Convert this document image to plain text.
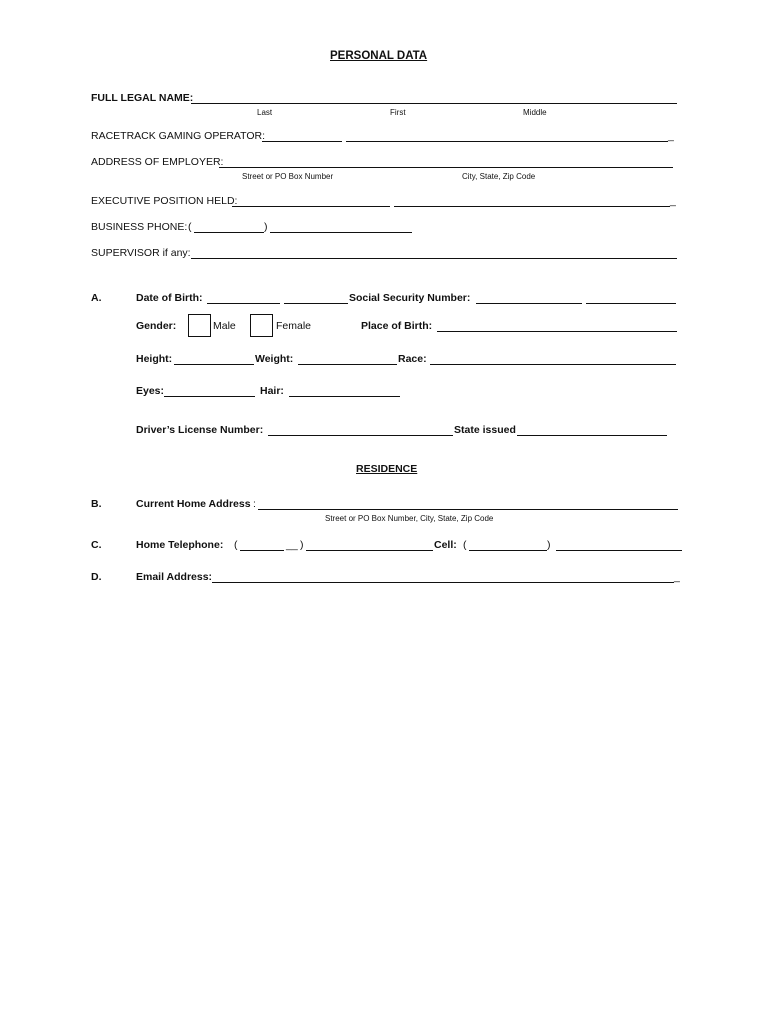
PERSONAL DATA
FULL LEGAL NAME:
Last	First	Middle
RACETRACK GAMING OPERATOR:	_
ADDRESS OF EMPLOYER:
Street or PO Box Number	City, State, Zip Code
EXECUTIVE POSITION HELD:	_
BUSINESS PHONE: (	)
SUPERVISOR if any:
A.	Date of Birth:	Social Security Number:
Gender:	Male	Female	Place of Birth:
Height:	Weight:	Race:
Eyes:	Hair:
Driver’s License Number:	State issued
RESIDENCE
B.	Current Home Address :
Street or PO Box Number, City, State, Zip Code
C.	Home Telephone: (	__ )	Cell: (	)
D.	Email Address:	_
